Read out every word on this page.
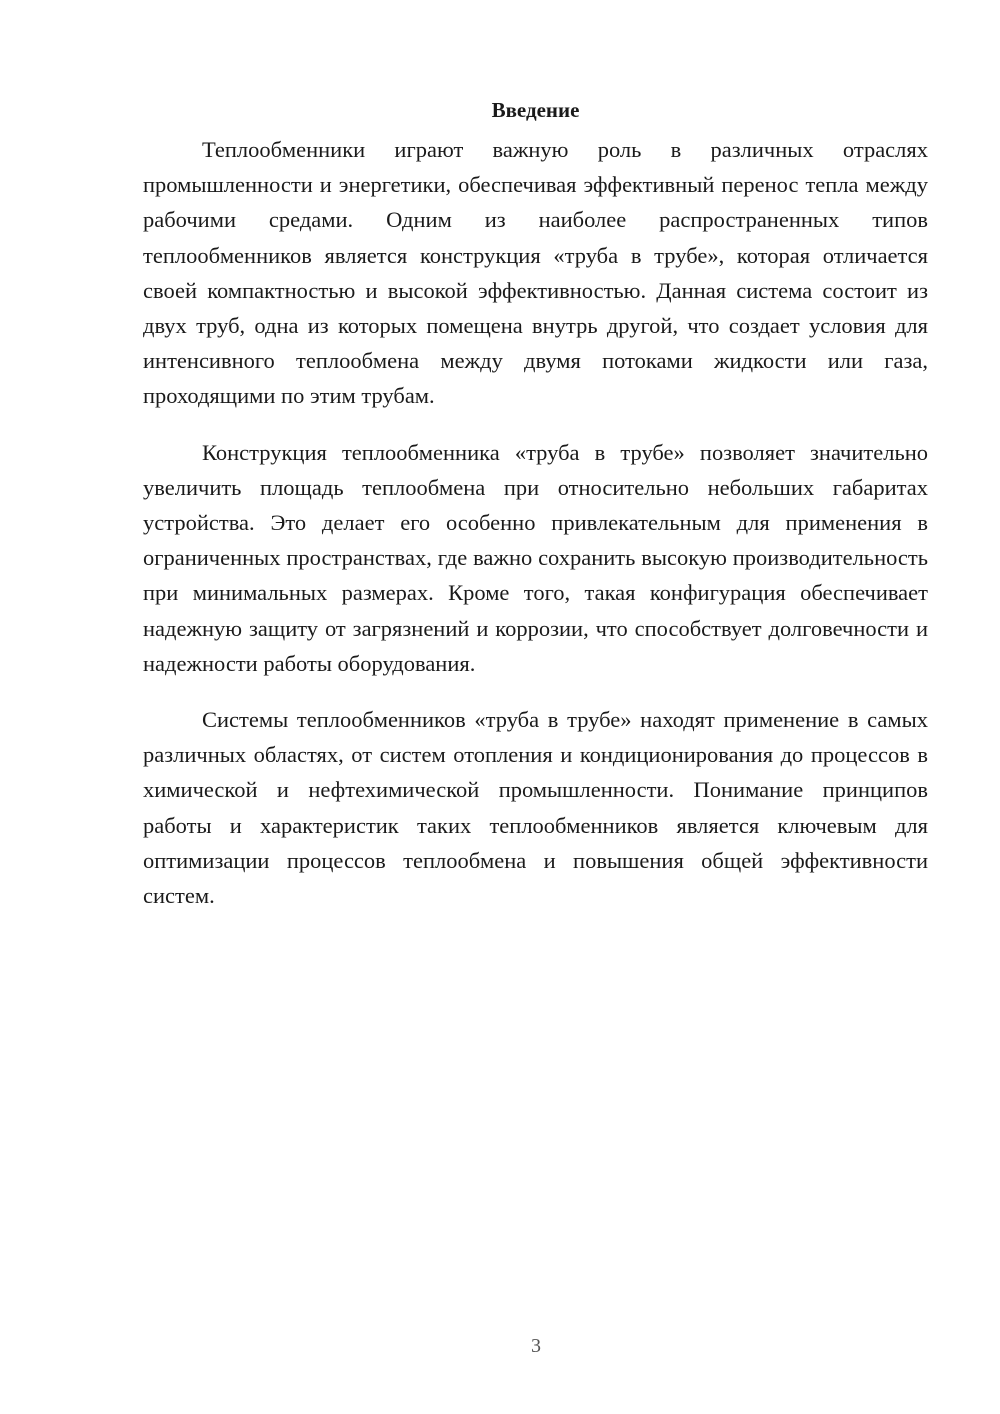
Введение

Теплообменники играют важную роль в различных отраслях промышленности и энергетики, обеспечивая эффективный перенос тепла между рабочими средами. Одним из наиболее распространенных типов теплообменников является конструкция «труба в трубе», которая отличается своей компактностью и высокой эффективностью. Данная система состоит из двух труб, одна из которых помещена внутрь другой, что создает условия для интенсивного теплообмена между двумя потоками жидкости или газа, проходящими по этим трубам.

Конструкция теплообменника «труба в трубе» позволяет значительно увеличить площадь теплообмена при относительно небольших габаритах устройства. Это делает его особенно привлекательным для применения в ограниченных пространствах, где важно сохранить высокую производительность при минимальных размерах. Кроме того, такая конфигурация обеспечивает надежную защиту от загрязнений и коррозии, что способствует долговечности и надежности работы оборудования.

Системы теплообменников «труба в трубе» находят применение в самых различных областях, от систем отопления и кондиционирования до процессов в химической и нефтехимической промышленности. Понимание принципов работы и характеристик таких теплообменников является ключевым для оптимизации процессов теплообмена и повышения общей эффективности систем.

3
